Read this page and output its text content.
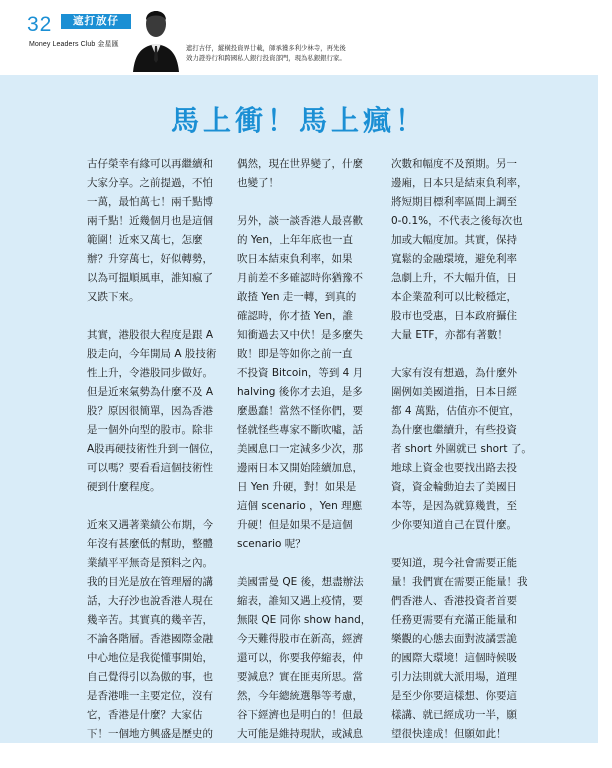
32	遮打放仔
Money Leaders Club 金星匯	遮打古仔，縱橫投資界廿載，師承獲多利少林寺，再先後
效力證券行和跨國私人銀行投資部門，現為私銀銀行家。
馬上衝！馬上瘋！
古仔榮幸有緣可以再繼續和
大家分享。之前提過，不怕
一萬，最怕萬七！兩千點博
兩千點！近幾個月也是這個
範圍！近來又萬七，怎麼
辦？升穿萬七，好似轉勢，
以為可搵順風車，誰知瘋了
又跌下來。
其實，港股很大程度是跟 A
股走向，今年開局 A 股技術
性上升，令港股同步做好。
但是近來氣勢為什麼不及 A
股？原因很簡單，因為香港
是一個外向型的股市。除非
A股再硬技術性升到一個位，
可以嗎？要看看這個技術性
硬到什麼程度。
近來又遇著業績公布期，今
年沒有甚麼低的幫助，整體
業績平平無奇是預料之內。
我的目光是放在管理層的講
話，大孖沙也說香港人現在
幾辛苦。其實真的幾辛苦，
不論各階層。香港國際金融
中心地位是我從懂事開始，
自己覺得引以為傲的事，也
是香港唯一主要定位，沒有
它，香港是什麼？大家估
下！一個地方興盛是歷史的
偶然，現在世界變了，什麼
也變了！
另外，談一談香港人最喜歡
的 Yen，上年年底也一直
吹日本結束負利率，如果
月前差不多確認時你猶豫不
敢揸 Yen 走一轉，到真的
確認時，你才揸 Yen，誰
知衝過去又中伏！是多麼失
敗！即是等如你之前一直
不投資 Bitcoin，等到 4 月
halving 後你才去追，是多
麼愚蠢！當然不怪你們，要
怪就怪些專家不斷吹噓，話
美國息口一定減多少次，那
邊兩日本又開始陸續加息，
日 Yen 升硬，對！如果是
這個 scenario ，Yen 理應
升硬！但是如果不是這個
scenario 呢？
美國雷曼 QE 後，想盡辦法
縮表，誰知又遇上疫情，要
無限 QE 同你 show hand，
今天難得股市在新高，經濟
還可以，你要我停縮表，仲
要減息？實在匪夷所思。當
然，今年總統選舉等考慮，
谷下經濟也是明白的！但最
大可能是維持現狀，或減息
次數和幅度不及預期。另一
邊廂，日本只是結束負利率，
將短期目標利率區間上調至
0-0.1%，不代表之後每次也
加或大幅度加。其實，保持
寬鬆的金融環境，避免利率
急劇上升，不大幅升值，日
本企業盈利可以比較穩定，
股市也受惠，日本政府攝住
大量 ETF，亦都有著數！
大家有沒有想過，為什麼外
圍例如美國道指，日本日經
都 4 萬點，估值亦不便宜，
為什麼也繼續升，有些投資
者 short 外圍就已 short 了。
地球上資金也要找出路去投
資，資金輪動迫去了美國日
本等，是因為就算幾貴，至
少你要知道自己在買什麼。
要知道，現今社會需要正能
量！我們實在需要正能量！我
們香港人、香港投資者首要
任務更需要有充滿正能量和
樂觀的心態去面對波譎雲詭
的國際大環境！這個時候吸
引力法則就大派用場，道理
是至少你要這樣想、你要這
樣講、就已經成功一半，願
望很快達成！但願如此！
